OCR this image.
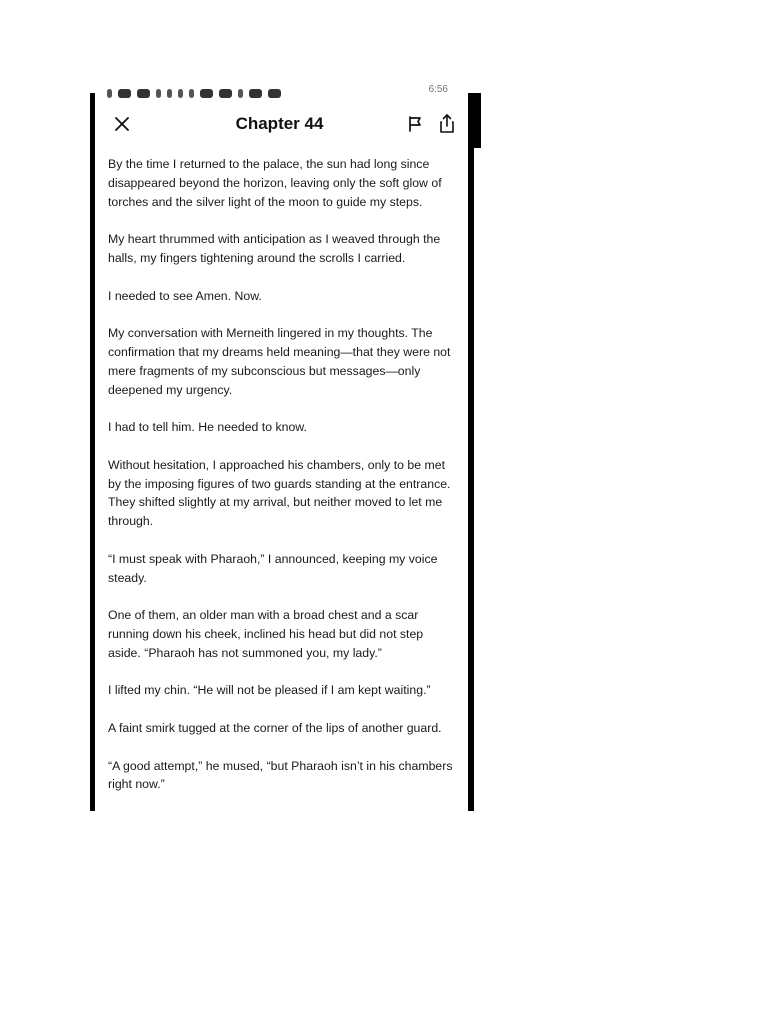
6:56
Chapter 44

By the time I returned to the palace, the sun had long since disappeared beyond the horizon, leaving only the soft glow of torches and the silver light of the moon to guide my steps.

My heart thrummed with anticipation as I weaved through the halls, my fingers tightening around the scrolls I carried.

I needed to see Amen. Now.

My conversation with Merneith lingered in my thoughts. The confirmation that my dreams held meaning—that they were not mere fragments of my subconscious but messages—only deepened my urgency.

I had to tell him. He needed to know.

Without hesitation, I approached his chambers, only to be met by the imposing figures of two guards standing at the entrance. They shifted slightly at my arrival, but neither moved to let me through.

“I must speak with Pharaoh,” I announced, keeping my voice steady.

One of them, an older man with a broad chest and a scar running down his cheek, inclined his head but did not step aside. “Pharaoh has not summoned you, my lady.”

I lifted my chin. “He will not be pleased if I am kept waiting.”

A faint smirk tugged at the corner of the lips of another guard.

“A good attempt,” he mused, “but Pharaoh isn’t in his chambers right now.”
